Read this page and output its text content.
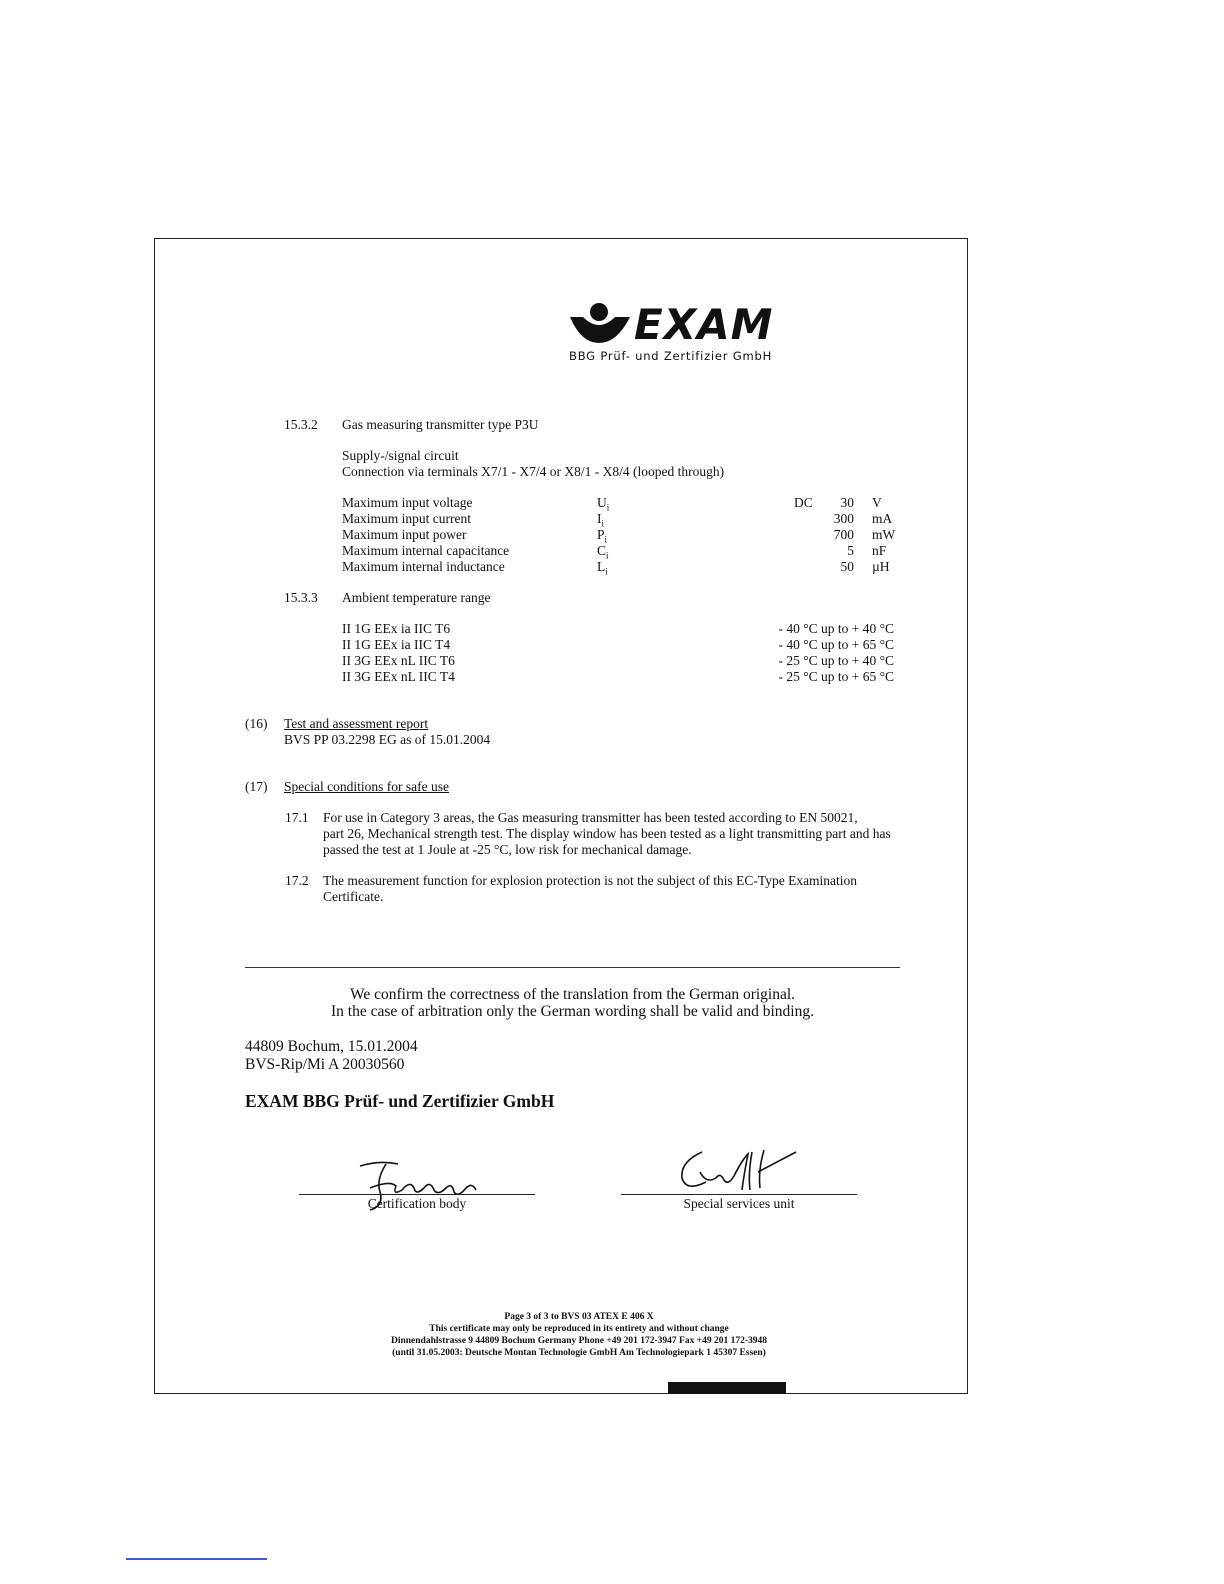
EXAM
BBG Prüf- und Zertifizier GmbH
15.3.2 Gas measuring transmitter type P3U
Supply-/signal circuit
Connection via terminals X7/1 - X7/4 or X8/1 - X8/4 (looped through)
Maximum input voltage	$U_i$	DC	30 V
Maximum input current	$I_i$	300 mA
Maximum input power	$P_i$	700 mW
Maximum internal capacitance	$C_i$	5 nF
Maximum internal inductance	$L_i$	50 µH
15.3.3 Ambient temperature range
II 1G EEx ia IIC T6	- 40 °C up to + 40 °C
II 1G EEx ia IIC T4	- 40 °C up to + 65 °C
II 3G EEx nL IIC T6	- 25 °C up to + 40 °C
II 3G EEx nL IIC T4	- 25 °C up to + 65 °C
(16) Test and assessment report
BVS PP 03.2298 EG as of 15.01.2004
(17) Special conditions for safe use
17.1 For use in Category 3 areas, the Gas measuring transmitter has been tested according to EN 50021,
part 26, Mechanical strength test. The display window has been tested as a light transmitting part and has
passed the test at 1 Joule at -25 °C, low risk for mechanical damage.
17.2 The measurement function for explosion protection is not the subject of this EC-Type Examination
Certificate.
We confirm the correctness of the translation from the German original.
In the case of arbitration only the German wording shall be valid and binding.
44809 Bochum, 15.01.2004
BVS-Rip/Mi A 20030560
EXAM BBG Prüf- und Zertifizier GmbH
Certification body	Special services unit
Page 3 of 3 to BVS 03 ATEX E 406 X
This certificate may only be reproduced in its entirety and without change
Dinnendahlstrasse 9 44809 Bochum Germany Phone +49 201 172-3947 Fax +49 201 172-3948
(until 31.05.2003: Deutsche Montan Technologie GmbH Am Technologiepark 1 45307 Essen)
